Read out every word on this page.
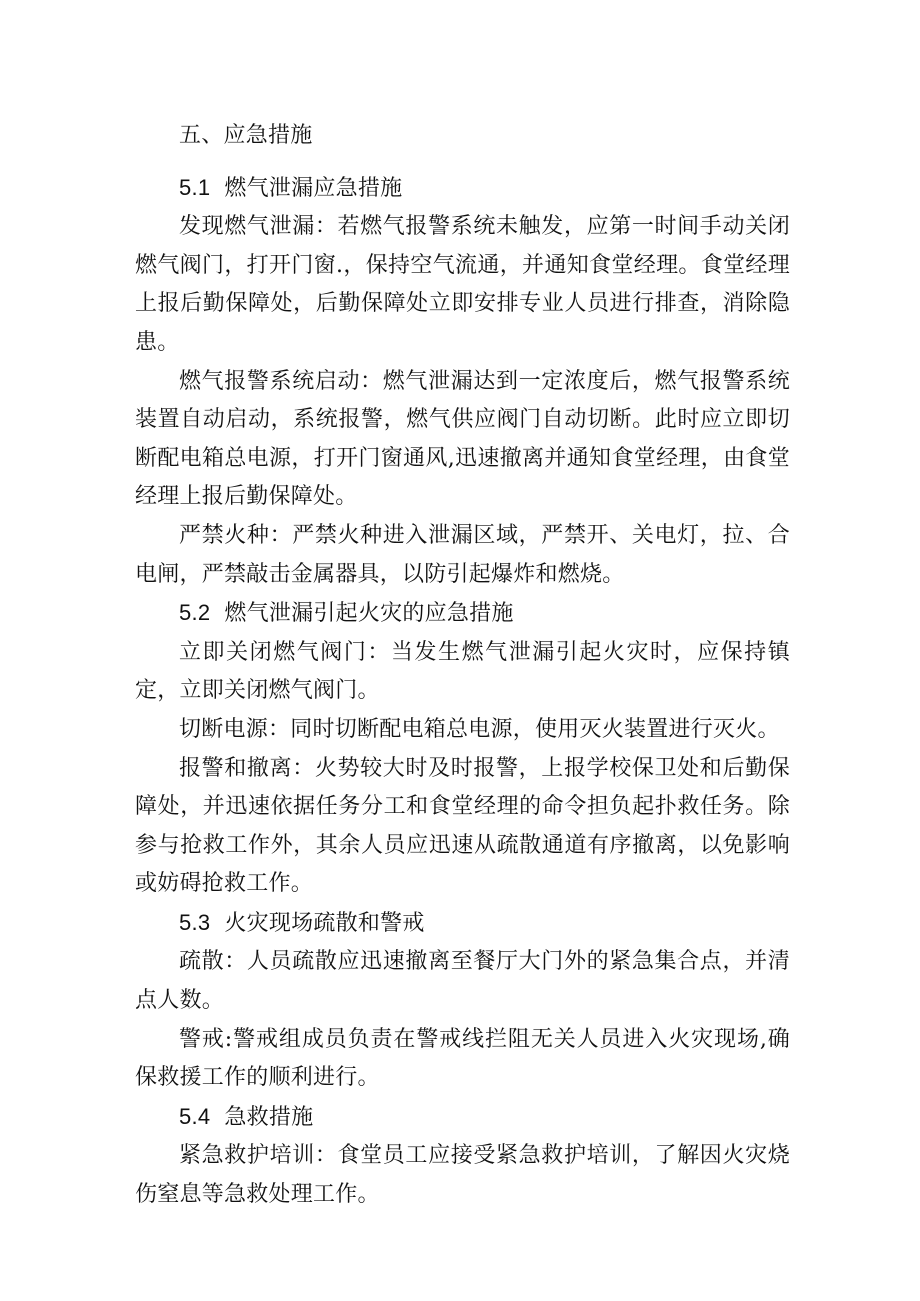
五、应急措施

5.1 燃气泄漏应急措施

发现燃气泄漏：若燃气报警系统未触发，应第一时间手动关闭燃气阀门，打开门窗.，保持空气流通，并通知食堂经理。食堂经理上报后勤保障处，后勤保障处立即安排专业人员进行排查，消除隐患。

燃气报警系统启动：燃气泄漏达到一定浓度后，燃气报警系统装置自动启动，系统报警，燃气供应阀门自动切断。此时应立即切断配电箱总电源，打开门窗通风,迅速撤离并通知食堂经理，由食堂经理上报后勤保障处。

严禁火种：严禁火种进入泄漏区域，严禁开、关电灯，拉、合电闸，严禁敲击金属器具，以防引起爆炸和燃烧。

5.2 燃气泄漏引起火灾的应急措施

立即关闭燃气阀门：当发生燃气泄漏引起火灾时，应保持镇定，立即关闭燃气阀门。

切断电源：同时切断配电箱总电源，使用灭火装置进行灭火。

报警和撤离：火势较大时及时报警，上报学校保卫处和后勤保障处，并迅速依据任务分工和食堂经理的命令担负起扑救任务。除参与抢救工作外，其余人员应迅速从疏散通道有序撤离，以免影响或妨碍抢救工作。

5.3 火灾现场疏散和警戒

疏散：人员疏散应迅速撤离至餐厅大门外的紧急集合点，并清点人数。

警戒:警戒组成员负责在警戒线拦阻无关人员进入火灾现场,确保救援工作的顺利进行。

5.4 急救措施

紧急救护培训：食堂员工应接受紧急救护培训，了解因火灾烧伤窒息等急救处理工作。
